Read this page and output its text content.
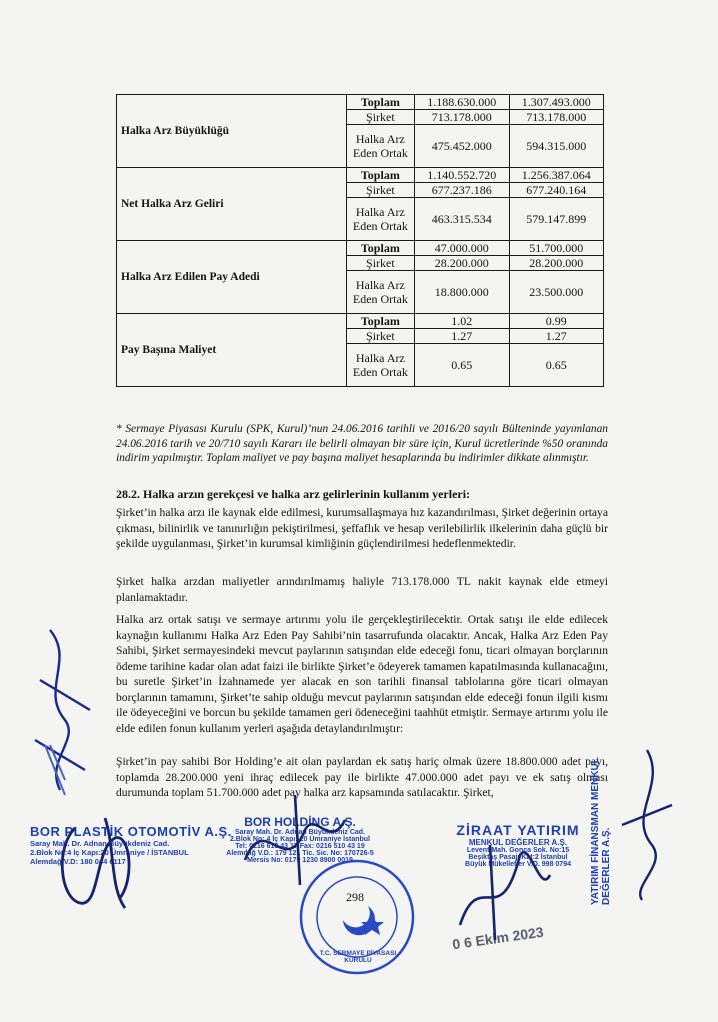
Halka Arz Büyüklüğü	Toplam	1.188.630.000	1.307.493.000
	Şirket	713.178.000	713.178.000
	Halka Arz Eden Ortak	475.452.000	594.315.000
Net Halka Arz Geliri	Toplam	1.140.552.720	1.256.387.064
	Şirket	677.237.186	677.240.164
	Halka Arz Eden Ortak	463.315.534	579.147.899
Halka Arz Edilen Pay Adedi	Toplam	47.000.000	51.700.000
	Şirket	28.200.000	28.200.000
	Halka Arz Eden Ortak	18.800.000	23.500.000
Pay Başına Maliyet	Toplam	1.02	0.99
	Şirket	1.27	1.27
	Halka Arz Eden Ortak	0.65	0.65
* Sermaye Piyasası Kurulu (SPK, Kurul)’nun 24.06.2016 tarihli ve 2016/20 sayılı Bülteninde yayımlanan 24.06.2016 tarih ve 20/710 sayılı Kararı ile belirli olmayan bir süre için, Kurul ücretlerinde %50 oranında indirim yapılmıştır. Toplam maliyet ve pay başına maliyet hesaplarında bu indirimler dikkate alınmıştır.
28.2. Halka arzın gerekçesi ve halka arz gelirlerinin kullanım yerleri:
Şirket’in halka arzı ile kaynak elde edilmesi, kurumsallaşmaya hız kazandırılması, Şirket değerinin ortaya çıkması, bilinirlik ve tanınırlığın pekiştirilmesi, şeffaflık ve hesap verilebilirlik ilkelerinin daha güçlü bir şekilde uygulanması, Şirket’in kurumsal kimliğinin güçlendirilmesi hedeflenmektedir.
Şirket halka arzdan maliyetler arındırılmamış haliyle 713.178.000 TL nakit kaynak elde etmeyi planlamaktadır.
Halka arz ortak satışı ve sermaye artırımı yolu ile gerçekleştirilecektir. Ortak satışı ile elde edilecek kaynağın kullanımı Halka Arz Eden Pay Sahibi’nin tasarrufunda olacaktır. Ancak, Halka Arz Eden Pay Sahibi, Şirket sermayesindeki mevcut paylarının satışından elde edeceği fonu, ticari olmayan borçlarının ödeme tarihine kadar olan adat faizi ile birlikte Şirket’e ödeyerek tamamen kapatılmasında kullanacağını, bu suretle Şirket’in İzahnamede yer alacak en son tarihli finansal tablolarına göre ticari olmayan borçlarının tamamını, Şirket’te sahip olduğu mevcut paylarının satışından elde edeceği fonun ilgili kısmı ile ödeyeceğini ve borcun bu şekilde tamamen geri ödeneceğini taahhüt etmiştir. Sermaye artırımı yolu ile elde edilen fonun kullanım yerleri aşağıda detaylandırılmıştır:
Şirket’in pay sahibi Bor Holding’e ait olan paylardan ek satış hariç olmak üzere 18.800.000 adet payı, toplamda 28.200.000 yeni ihraç edilecek pay ile birlikte 47.000.000 adet payı ve ek satış olması durumunda toplam 51.700.000 adet pay halka arz kapsamında satılacaktır. Şirket,
BOR PLASTİK OTOMOTİV A.Ş.
Saray Mah. Dr. Adnan Büyükdeniz Cad.
2.Blok No:4 İç Kapı:20 Ümraniye / İSTANBUL
Alemdağ V.D: 180 044 6117
BOR HOLDİNG A.Ş.
Saray Mah. Dr. Adnan Büyükdeniz Cad.
2.Blok No: 4 İç Kapı: 20 Ümraniye İstanbul
Tel: 0216 613 43 17 Fax: 0216 510 43 19
Alemdağ V.D.: 179 121 Tic. Sic. No: 170726-5
Mersis No: 0179 1230 8900 0019
T.C. SERMAYE PİYASASI KURULU
298
0 6 Ekim 2023
ZİRAAT YATIRIM
MENKUL DEĞERLER A.Ş.
Levent Mah. Gonca Sok. No:15
Beşiktaş Pasajı Kat:2 İstanbul
Büyük Mükellefler V.D. 998 0794	YATIRIM FİNANSMAN MENKUL DEĞERLER A.Ş.
